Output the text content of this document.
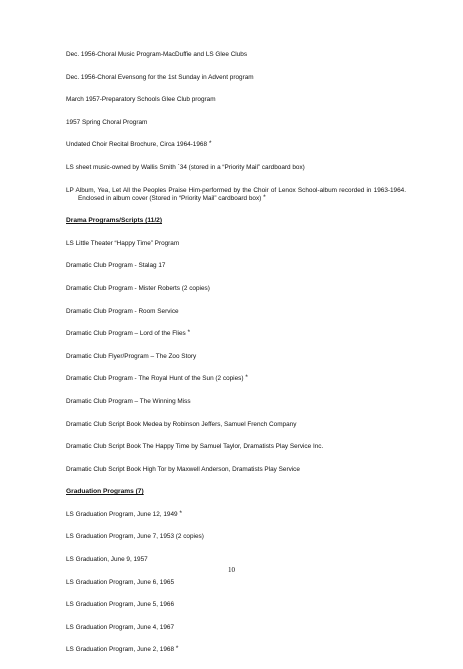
Dec. 1956-Choral Music Program-MacDuffie and LS Glee Clubs

Dec. 1956-Choral Evensong for the 1st Sunday in Advent program

March 1957-Preparatory Schools Glee Club program

1957 Spring Choral Program

Undated Choir Recital Brochure, Circa 1964-1968 *

LS sheet music-owned by Wallis Smith `34 (stored in a “Priority Mail” cardboard box)

LP Album, Yea, Let All the Peoples Praise Him-performed by the Choir of Lenox School-album recorded in 1963-1964. Enclosed in album cover (Stored in “Priority Mail” cardboard box) *

Drama Programs/Scripts (11/2)

LS Little Theater “Happy Time” Program

Dramatic Club Program - Stalag 17

Dramatic Club Program - Mister Roberts (2 copies)

Dramatic Club Program - Room Service

Dramatic Club Program – Lord of the Flies *

Dramatic Club Flyer/Program – The Zoo Story

Dramatic Club Program - The Royal Hunt of the Sun (2 copies) *

Dramatic Club Program – The Winning Miss

Dramatic Club Script Book Medea by Robinson Jeffers, Samuel French Company

Dramatic Club Script Book The Happy Time by Samuel Taylor, Dramatists Play Service Inc.

Dramatic Club Script Book High Tor by Maxwell Anderson, Dramatists Play Service

Graduation Programs (7)

LS Graduation Program, June 12, 1949 *

LS Graduation Program, June 7, 1953 (2 copies)

LS Graduation, June 9, 1957

LS Graduation Program, June 6, 1965

LS Graduation Program, June 5, 1966

LS Graduation Program, June 4, 1967

LS Graduation Program, June 2, 1968 *

10
